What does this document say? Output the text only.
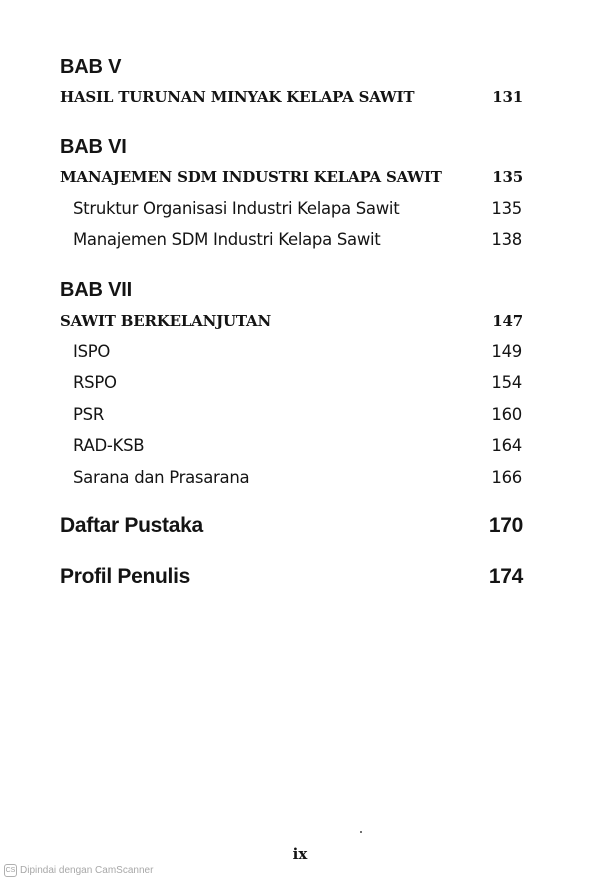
BAB V
HASIL TURUNAN MINYAK KELAPA SAWIT	131
BAB VI
MANAJEMEN SDM INDUSTRI KELAPA SAWIT	135
Struktur Organisasi Industri Kelapa Sawit	135
Manajemen SDM Industri Kelapa Sawit	138
BAB VII
SAWIT BERKELANJUTAN	147
ISPO	149
RSPO	154
PSR	160
RAD-KSB	164
Sarana dan Prasarana	166
Daftar Pustaka	170
Profil Penulis	174
ix
CS Dipindai dengan CamScanner
